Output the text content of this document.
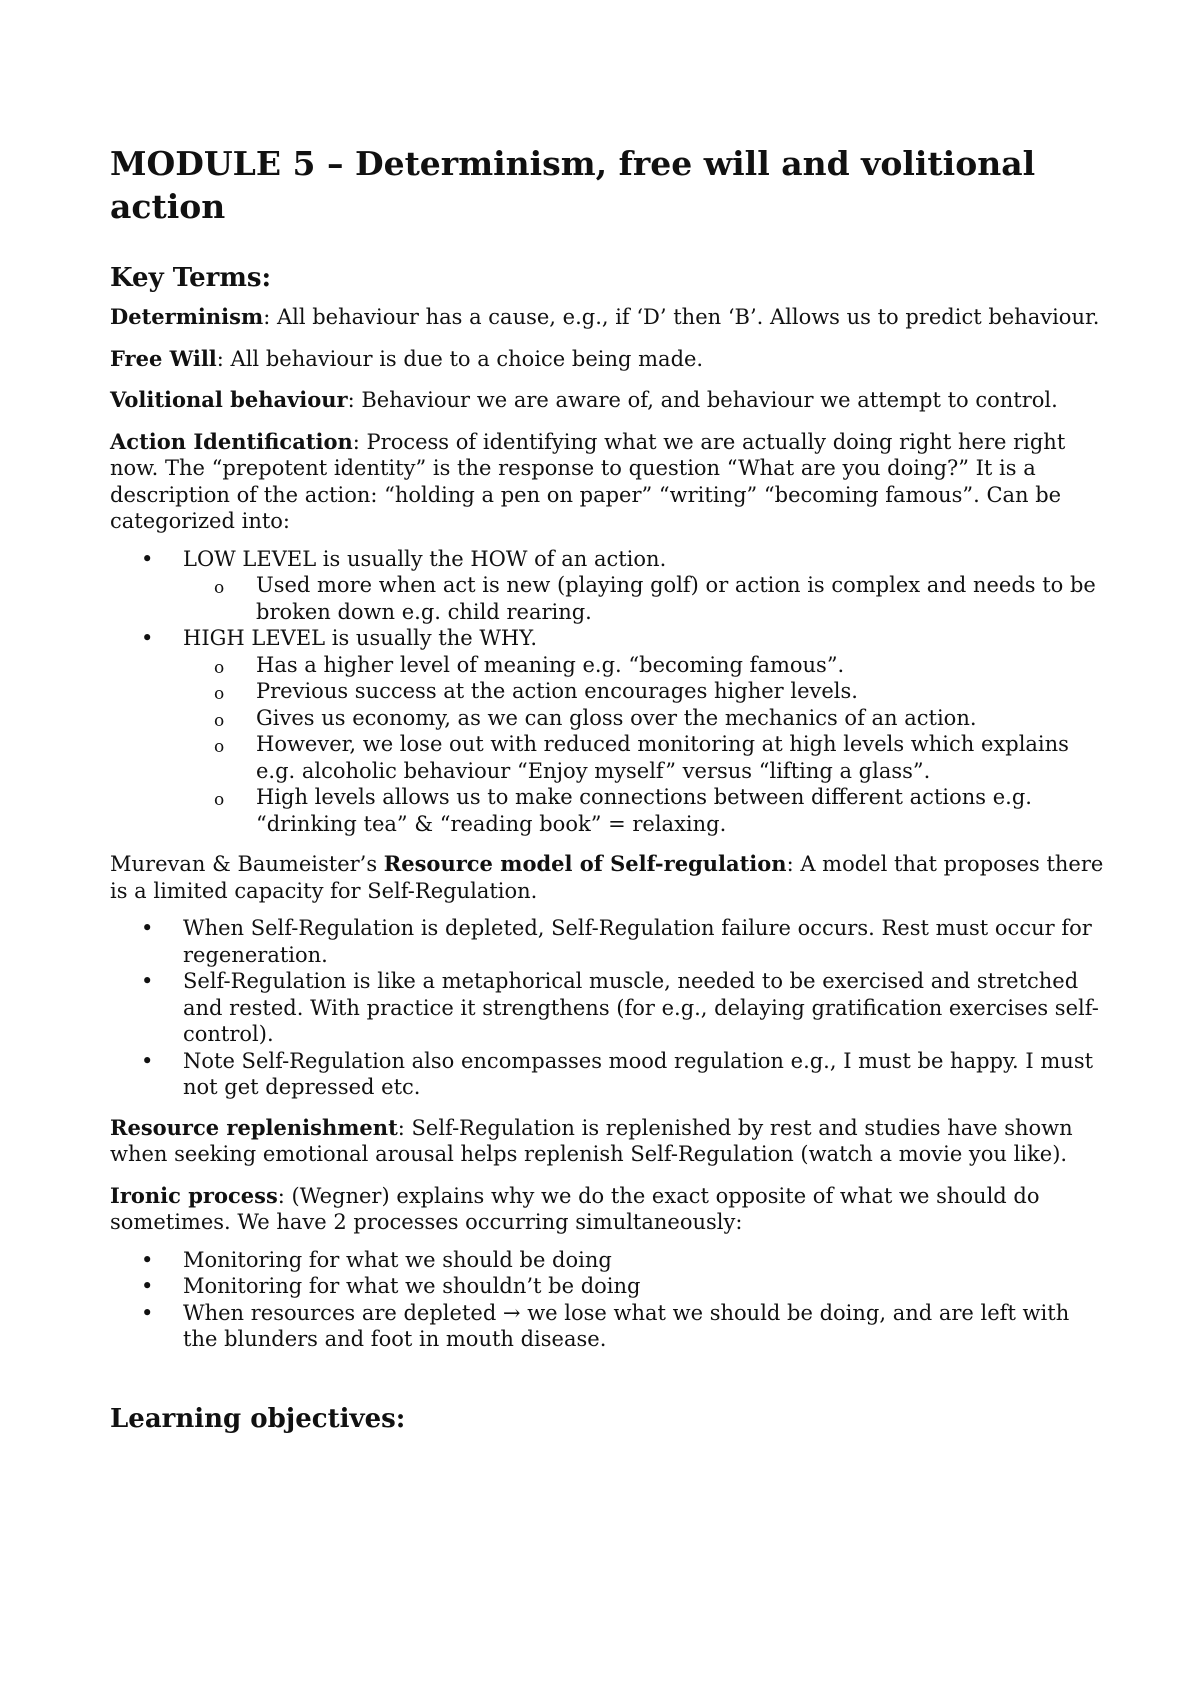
MODULE 5 – Determinism, free will and volitional action
Key Terms:

Determinism: All behaviour has a cause, e.g., if ‘D’ then ‘B’. Allows us to predict behaviour.

Free Will: All behaviour is due to a choice being made.

Volitional behaviour: Behaviour we are aware of, and behaviour we attempt to control.

Action Identification: Process of identifying what we are actually doing right here right now. The “prepotent identity” is the response to question “What are you doing?” It is a description of the action: “holding a pen on paper” “writing” “becoming famous”. Can be categorized into:

•	LOW LEVEL is usually the HOW of an action.
o Used more when act is new (playing golf) or action is complex and needs to be broken down e.g. child rearing.
•	HIGH LEVEL is usually the WHY.
o Has a higher level of meaning e.g. “becoming famous”.
o Previous success at the action encourages higher levels.
o Gives us economy, as we can gloss over the mechanics of an action.
o However, we lose out with reduced monitoring at high levels which explains e.g. alcoholic behaviour “Enjoy myself” versus “lifting a glass”.
o High levels allows us to make connections between different actions e.g. “drinking tea” & “reading book” = relaxing.

Murevan & Baumeister’s Resource model of Self-regulation: A model that proposes there is a limited capacity for Self-Regulation.

•	When Self-Regulation is depleted, Self-Regulation failure occurs. Rest must occur for regeneration.
•	Self-Regulation is like a metaphorical muscle, needed to be exercised and stretched and rested. With practice it strengthens (for e.g., delaying gratification exercises self-control).
•	Note Self-Regulation also encompasses mood regulation e.g., I must be happy. I must not get depressed etc.

Resource replenishment: Self-Regulation is replenished by rest and studies have shown when seeking emotional arousal helps replenish Self-Regulation (watch a movie you like).

Ironic process: (Wegner) explains why we do the exact opposite of what we should do sometimes. We have 2 processes occurring simultaneously:

•	Monitoring for what we should be doing
•	Monitoring for what we shouldn’t be doing
•	When resources are depleted → we lose what we should be doing, and are left with the blunders and foot in mouth disease.
Learning objectives:
